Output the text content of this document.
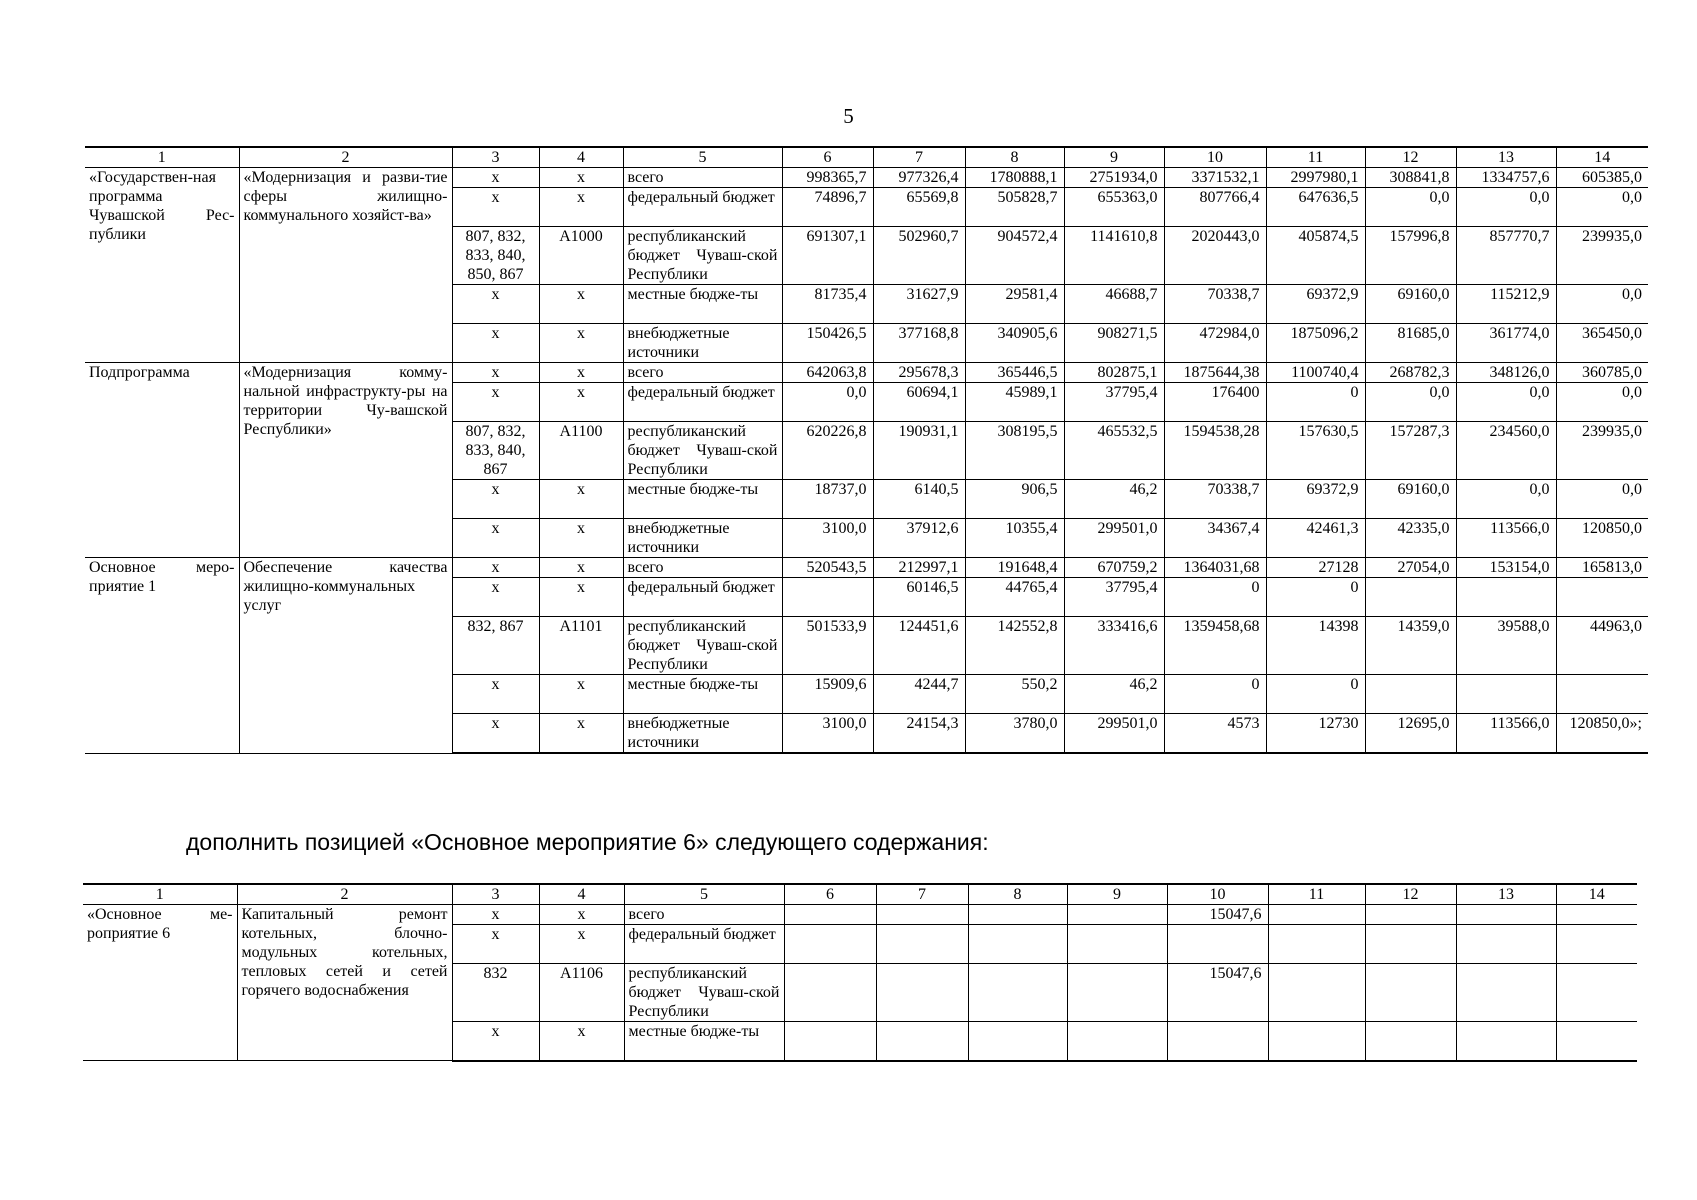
5
1	2	3	4	5	6	7	8	9	10	11	12	13	14
«Государствен-ная программа Чувашской Рес-публики	«Модернизация и разви-тие сферы жилищно-коммунального хозяйст-ва»	x	x	всего	998365,7	977326,4	1780888,1	2751934,0	3371532,1	2997980,1	308841,8	1334757,6	605385,0
		x	x	федеральный бюджет	74896,7	65569,8	505828,7	655363,0	807766,4	647636,5	0,0	0,0	0,0
		807, 832, 833, 840, 850, 867	А1000	республиканский бюджет Чуваш-ской Республики	691307,1	502960,7	904572,4	1141610,8	2020443,0	405874,5	157996,8	857770,7	239935,0
		x	x	местные бюдже-ты	81735,4	31627,9	29581,4	46688,7	70338,7	69372,9	69160,0	115212,9	0,0
		x	x	внебюджетные источники	150426,5	377168,8	340905,6	908271,5	472984,0	1875096,2	81685,0	361774,0	365450,0
Подпрограмма	«Модернизация комму-нальной инфраструкту-ры на территории Чу-вашской Республики»	x	x	всего	642063,8	295678,3	365446,5	802875,1	1875644,38	1100740,4	268782,3	348126,0	360785,0
		x	x	федеральный бюджет	0,0	60694,1	45989,1	37795,4	176400	0	0,0	0,0	0,0
		807, 832, 833, 840, 867	А1100	республиканский бюджет Чуваш-ской Республики	620226,8	190931,1	308195,5	465532,5	1594538,28	157630,5	157287,3	234560,0	239935,0
		x	x	местные бюдже-ты	18737,0	6140,5	906,5	46,2	70338,7	69372,9	69160,0	0,0	0,0
		x	x	внебюджетные источники	3100,0	37912,6	10355,4	299501,0	34367,4	42461,3	42335,0	113566,0	120850,0
Основное меро-приятие 1	Обеспечение качества жилищно-коммунальных услуг	x	x	всего	520543,5	212997,1	191648,4	670759,2	1364031,68	27128	27054,0	153154,0	165813,0
		x	x	федеральный бюджет		60146,5	44765,4	37795,4	0	0			
		832, 867	А1101	республиканский бюджет Чуваш-ской Республики	501533,9	124451,6	142552,8	333416,6	1359458,68	14398	14359,0	39588,0	44963,0
		x	x	местные бюдже-ты	15909,6	4244,7	550,2	46,2	0	0			
		x	x	внебюджетные источники	3100,0	24154,3	3780,0	299501,0	4573	12730	12695,0	113566,0	120850,0»;
дополнить позицией «Основное мероприятие 6» следующего содержания:
1	2	3	4	5	6	7	8	9	10	11	12	13	14
«Основное ме-роприятие 6	Капитальный ремонт котельных, блочно-модульных котельных, тепловых сетей и сетей горячего водоснабжения	x	x	всего					15047,6				
		x	x	федеральный бюджет									
		832	А1106	республиканский бюджет Чуваш-ской Республики					15047,6				
		x	x	местные бюдже-ты									
